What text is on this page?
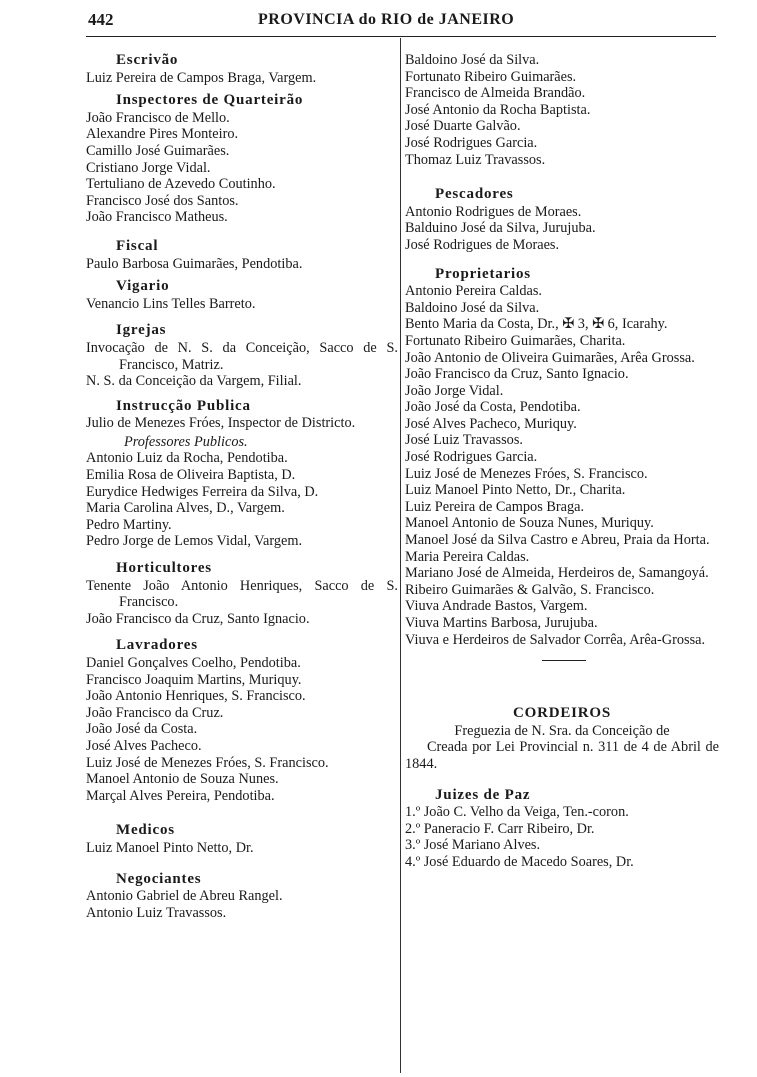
442	PROVINCIA do RIO de JANEIRO
Escrivão
Luiz Pereira de Campos Braga, Vargem.
Inspectores de Quarteirão
João Francisco de Mello.
Alexandre Pires Monteiro.
Camillo José Guimarães.
Cristiano Jorge Vidal.
Tertuliano de Azevedo Coutinho.
Francisco José dos Santos.
João Francisco Matheus.
Fiscal
Paulo Barbosa Guimarães, Pendotiba.
Vigario
Venancio Lins Telles Barreto.
Igrejas
Invocação de N. S. da Conceição, Sacco de S. Francisco, Matriz.
N. S. da Conceição da Vargem, Filial.
Instrucção Publica
Julio de Menezes Fróes, Inspector de Districto.
Professores Publicos.
Antonio Luiz da Rocha, Pendotiba.
Emilia Rosa de Oliveira Baptista, D.
Eurydice Hedwiges Ferreira da Silva, D.
Maria Carolina Alves, D., Vargem.
Pedro Martiny.
Pedro Jorge de Lemos Vidal, Vargem.
Horticultores
Tenente João Antonio Henriques, Sacco de S. Francisco.
João Francisco da Cruz, Santo Ignacio.
Lavradores
Daniel Gonçalves Coelho, Pendotiba.
Francisco Joaquim Martins, Muriquy.
João Antonio Henriques, S. Francisco.
João Francisco da Cruz.
João José da Costa.
José Alves Pacheco.
Luiz José de Menezes Fróes, S. Francisco.
Manoel Antonio de Souza Nunes.
Marçal Alves Pereira, Pendotiba.
Medicos
Luiz Manoel Pinto Netto, Dr.
Negociantes
Antonio Gabriel de Abreu Rangel.
Antonio Luiz Travassos.
Baldoino José da Silva.
Fortunato Ribeiro Guimarães.
Francisco de Almeida Brandão.
José Antonio da Rocha Baptista.
José Duarte Galvão.
José Rodrigues Garcia.
Thomaz Luiz Travassos.
Pescadores
Antonio Rodrigues de Moraes.
Balduino José da Silva, Jurujuba.
José Rodrigues de Moraes.
Proprietarios
Antonio Pereira Caldas.
Baldoino José da Silva.
Bento Maria da Costa, Dr., ✠ 3, ✠ 6, Icarahy.
Fortunato Ribeiro Guimarães, Charita.
João Antonio de Oliveira Guimarães, Arêa Grossa.
João Francisco da Cruz, Santo Ignacio.
João Jorge Vidal.
João José da Costa, Pendotiba.
José Alves Pacheco, Muriquy.
José Luiz Travassos.
José Rodrigues Garcia.
Luiz José de Menezes Fróes, S. Francisco.
Luiz Manoel Pinto Netto, Dr., Charita.
Luiz Pereira de Campos Braga.
Manoel Antonio de Souza Nunes, Muriquy.
Manoel José da Silva Castro e Abreu, Praia da Horta.
Maria Pereira Caldas.
Mariano José de Almeida, Herdeiros de, Samangoyá.
Ribeiro Guimarães & Galvão, S. Francisco.
Viuva Andrade Bastos, Vargem.
Viuva Martins Barbosa, Jurujuba.
Viuva e Herdeiros de Salvador Corrêa, Arêa-Grossa.
CORDEIROS
Freguezia de N. Sra. da Conceição de
Creada por Lei Provincial n. 311 de 4 de Abril de 1844.
Juizes de Paz
1.º João C. Velho da Veiga, Ten.-coron.
2.º Paneracio F. Carr Ribeiro, Dr.
3.º José Mariano Alves.
4.º José Eduardo de Macedo Soares, Dr.
